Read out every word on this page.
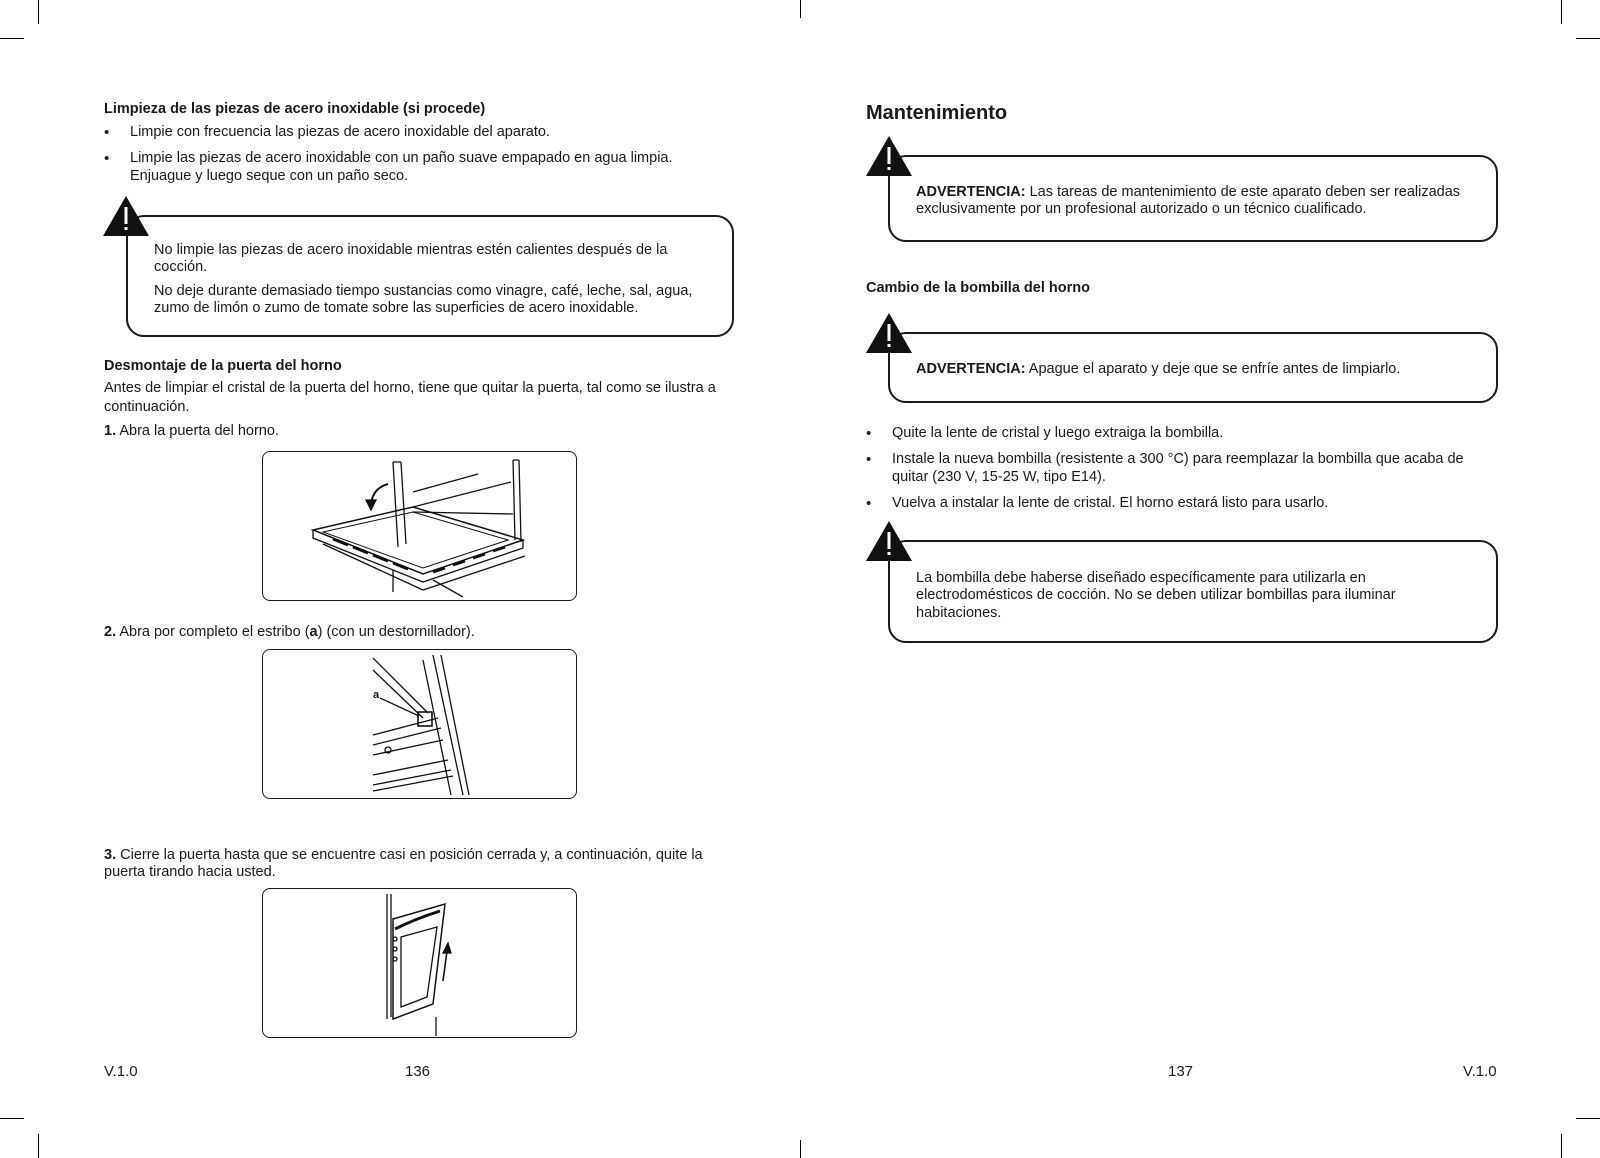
Limpieza de las piezas de acero inoxidable (si procede)
• Limpie con frecuencia las piezas de acero inoxidable del aparato.
• Limpie las piezas de acero inoxidable con un paño suave empapado en agua limpia. Enjuague y luego seque con un paño seco.

No limpie las piezas de acero inoxidable mientras estén calientes después de la cocción.

No deje durante demasiado tiempo sustancias como vinagre, café, leche, sal, agua, zumo de limón o zumo de tomate sobre las superficies de acero inoxidable.

Desmontaje de la puerta del horno

Antes de limpiar el cristal de la puerta del horno, tiene que quitar la puerta, tal como se ilustra a continuación.

1. Abra la puerta del horno.

2. Abra por completo el estribo (a) (con un destornillador).

a

3. Cierre la puerta hasta que se encuentre casi en posición cerrada y, a continuación, quite la puerta tirando hacia usted.

V.1.0	136
Mantenimiento

ADVERTENCIA: Las tareas de mantenimiento de este aparato deben ser realizadas exclusivamente por un profesional autorizado o un técnico cualificado.

Cambio de la bombilla del horno

ADVERTENCIA: Apague el aparato y deje que se enfríe antes de limpiarlo.

• Quite la lente de cristal y luego extraiga la bombilla.
• Instale la nueva bombilla (resistente a 300 °C) para reemplazar la bombilla que acaba de quitar (230 V, 15-25 W, tipo E14).
• Vuelva a instalar la lente de cristal. El horno estará listo para usarlo.

La bombilla debe haberse diseñado específicamente para utilizarla en electrodomésticos de cocción. No se deben utilizar bombillas para iluminar habitaciones.

137	V.1.0
